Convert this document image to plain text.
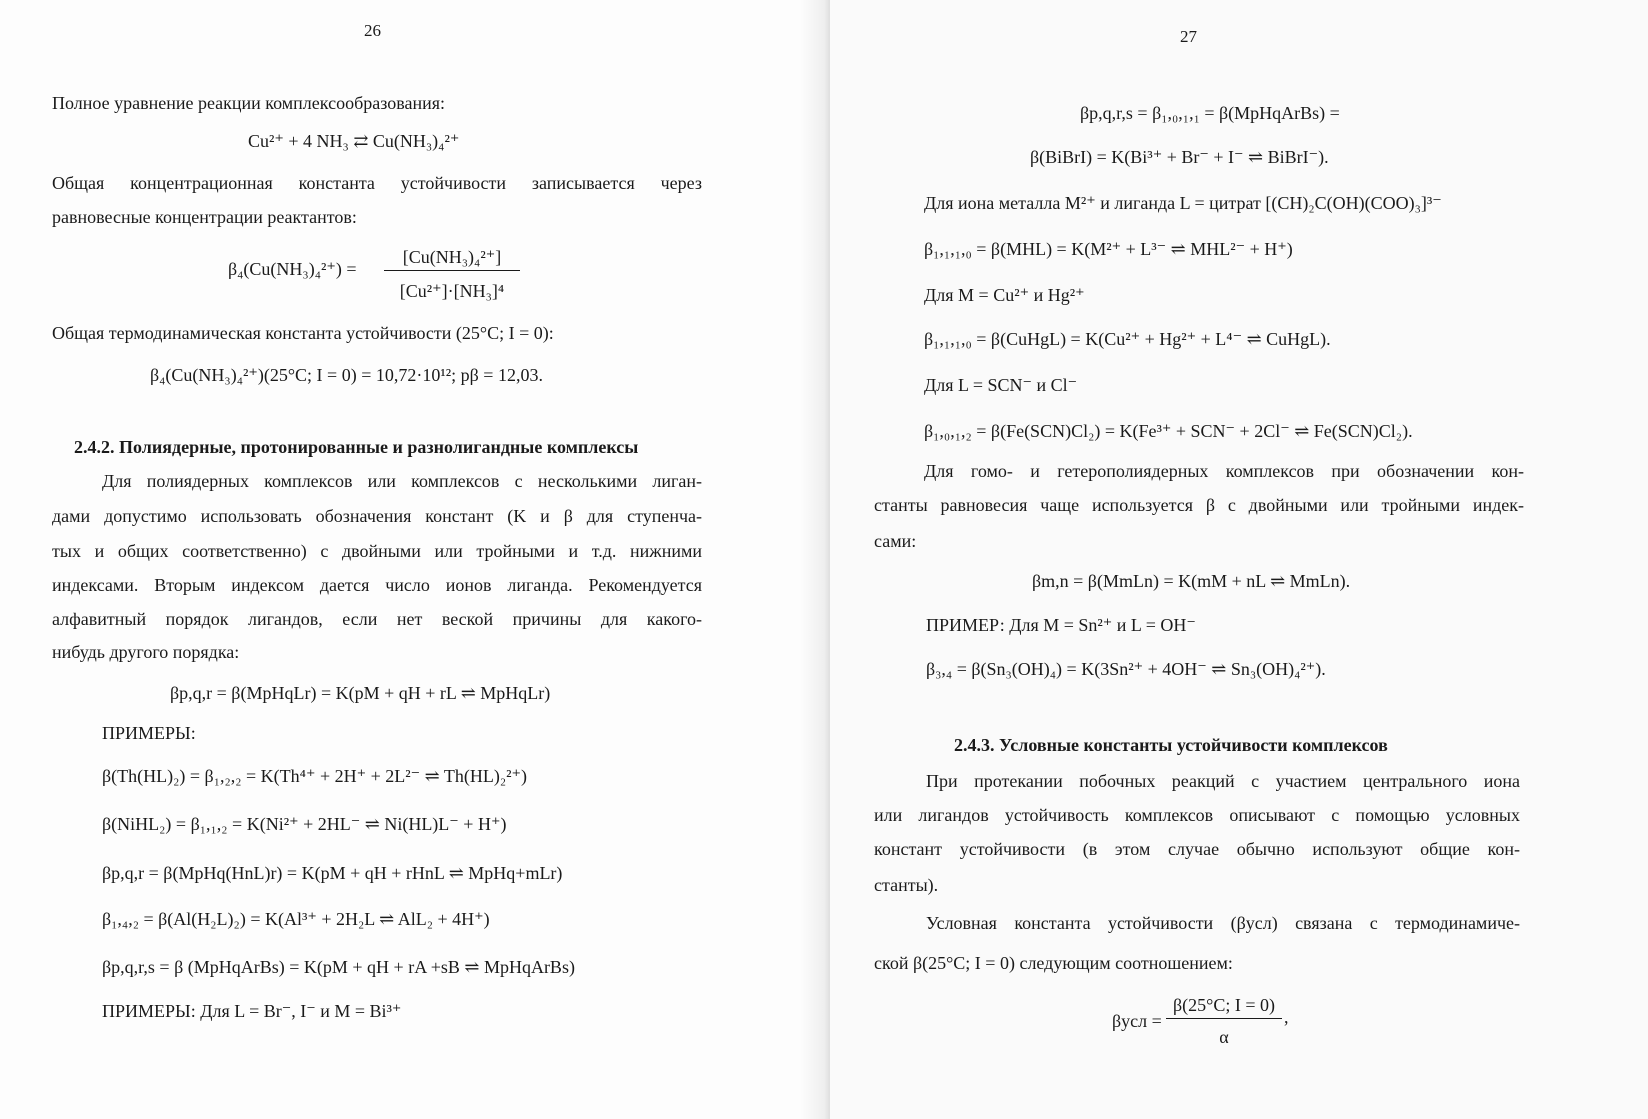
26
Полное уравнение реакции комплексообразования:
Cu²⁺ + 4 NH₃ ⇄ Cu(NH₃)₄²⁺
Общая концентрационная константа устойчивости записывается через
равновесные концентрации реактантов:
β₄(Cu(NH₃)₄²⁺) =
[Cu(NH₃)₄²⁺]
[Cu²⁺]·[NH₃]⁴
Общая термодинамическая константа устойчивости (25°C; I = 0):
β₄(Cu(NH₃)₄²⁺)(25°C; I = 0) = 10,72·10¹²; pβ = 12,03.
2.4.2. Полиядерные, протонированные и разнолигандные комплексы
Для полиядерных комплексов или комплексов с несколькими лиган-
дами допустимо использовать обозначения констант (K и β для ступенча-
тых и общих соответственно) с двойными или тройными и т.д. нижними
индексами. Вторым индексом дается число ионов лиганда. Рекомендуется
алфавитный порядок лигандов, если нет веской причины для какого-
нибудь другого порядка:
βp,q,r = β(MpHqLr) = K(pM + qH + rL ⇌ MpHqLr)
ПРИМЕРЫ:
β(Th(HL)₂) = β₁,₂,₂ = K(Th⁴⁺ + 2H⁺ + 2L²⁻ ⇌ Th(HL)₂²⁺)
β(NiHL₂) = β₁,₁,₂ = K(Ni²⁺ + 2HL⁻ ⇌ Ni(HL)L⁻ + H⁺)
βp,q,r = β(MpHq(HnL)r) = K(pM + qH + rHnL ⇌ MpHq+mLr)
β₁,₄,₂ = β(Al(H₂L)₂) = K(Al³⁺ + 2H₂L ⇌ AlL₂ + 4H⁺)
βp,q,r,s = β (MpHqArBs) = K(pM + qH + rA +sB ⇌ MpHqArBs)
ПРИМЕРЫ: Для L = Br⁻, I⁻ и M = Bi³⁺
27
βp,q,r,s = β₁,₀,₁,₁ = β(MpHqArBs) =
β(BiBrI) = K(Bi³⁺ + Br⁻ + I⁻ ⇌ BiBrI⁻).
Для иона металла M²⁺ и лиганда L = цитрат [(CH)₂C(OH)(COO)₃]³⁻
β₁,₁,₁,₀ = β(MHL) = K(M²⁺ + L³⁻ ⇌ MHL²⁻ + H⁺)
Для M = Cu²⁺ и Hg²⁺
β₁,₁,₁,₀ = β(CuHgL) = K(Cu²⁺ + Hg²⁺ + L⁴⁻ ⇌ CuHgL).
Для L = SCN⁻ и Cl⁻
β₁,₀,₁,₂ = β(Fe(SCN)Cl₂) = K(Fe³⁺ + SCN⁻ + 2Cl⁻ ⇌ Fe(SCN)Cl₂).
Для гомо- и гетерополиядерных комплексов при обозначении кон-
станты равновесия чаще используется β с двойными или тройными индек-
сами:
βm,n = β(MmLn) = K(mM + nL ⇌ MmLn).
ПРИМЕР: Для M = Sn²⁺ и L = OH⁻
β₃,₄ = β(Sn₃(OH)₄) = K(3Sn²⁺ + 4OH⁻ ⇌ Sn₃(OH)₄²⁺).
2.4.3. Условные константы устойчивости комплексов
При протекании побочных реакций с участием центрального иона
или лигандов устойчивость комплексов описывают с помощью условных
констант устойчивости (в этом случае обычно используют общие кон-
станты).
Условная константа устойчивости (βусл) связана с термодинамиче-
ской β(25°C; I = 0) следующим соотношением:
βусл =
β(25°C; I = 0)
α
,
